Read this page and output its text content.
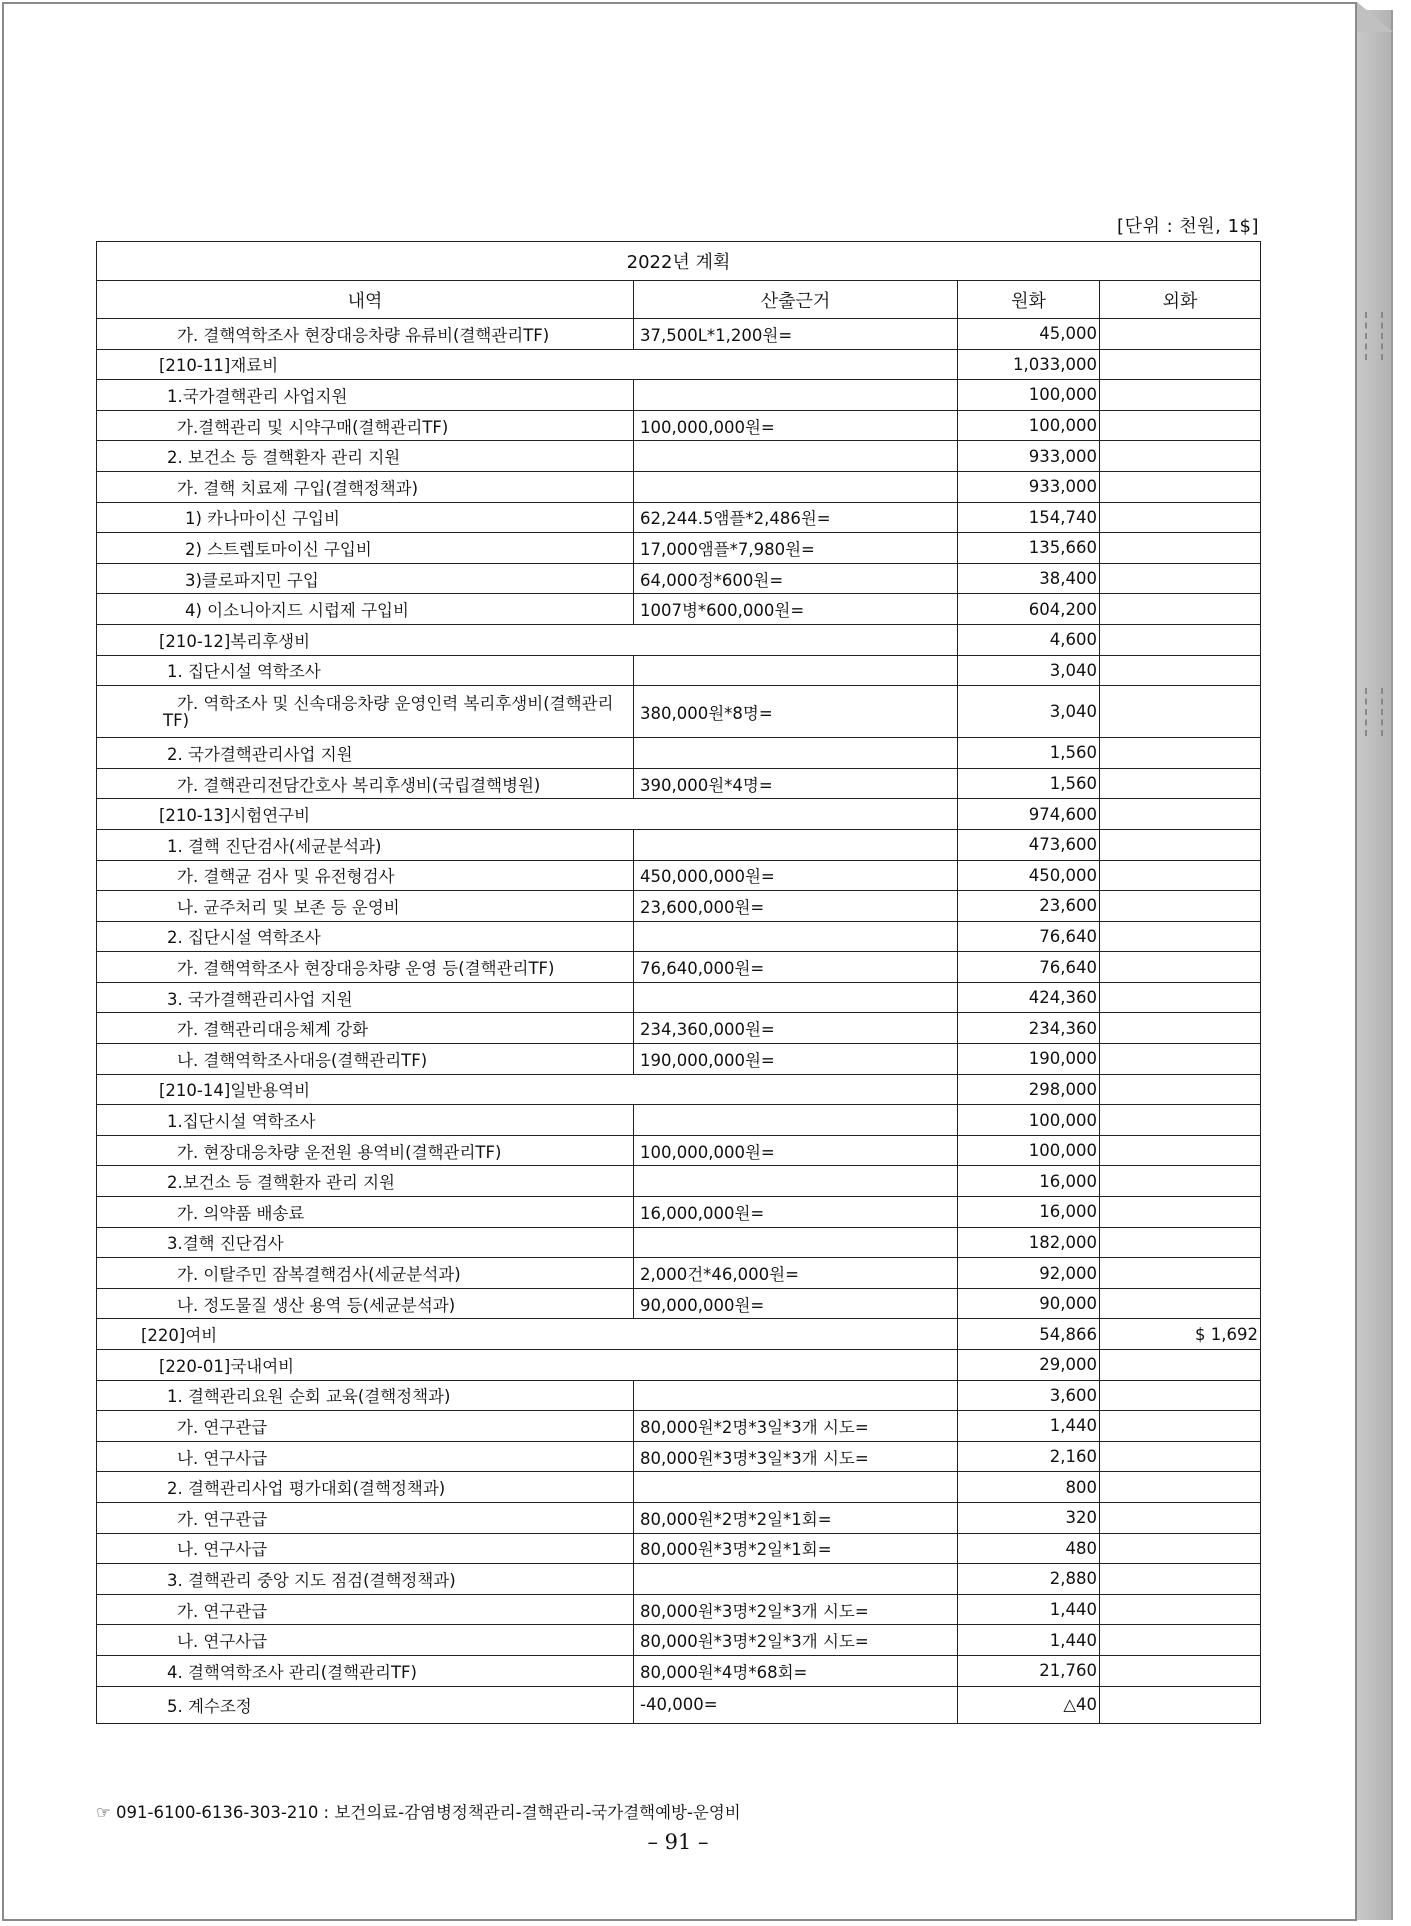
[단위 : 천원, 1$]
2022년 계획			
내역	산출근거	원화	외화
가. 결핵역학조사 현장대응차량 유류비(결핵관리TF)	37,500L*1,200원=	45,000	
[210-11]재료비		1,033,000	
1.국가결핵관리 사업지원		100,000	
가.결핵관리 및 시약구매(결핵관리TF)	100,000,000원=	100,000	
2. 보건소 등 결핵환자 관리 지원		933,000	
가. 결핵 치료제 구입(결핵정책과)		933,000	
1) 카나마이신 구입비	62,244.5앰플*2,486원=	154,740	
2) 스트렙토마이신 구입비	17,000앰플*7,980원=	135,660	
3)클로파지민 구입	64,000정*600원=	38,400	
4) 이소니아지드 시럽제 구입비	1007병*600,000원=	604,200	
[210-12]복리후생비		4,600	
1. 집단시설 역학조사		3,040	
가. 역학조사 및 신속대응차량 운영인력 복리후생비(결핵관리TF)	380,000원*8명=	3,040	
2. 국가결핵관리사업 지원		1,560	
가. 결핵관리전담간호사 복리후생비(국립결핵병원)	390,000원*4명=	1,560	
[210-13]시험연구비		974,600	
1. 결핵 진단검사(세균분석과)		473,600	
가. 결핵균 검사 및 유전형검사	450,000,000원=	450,000	
나. 균주처리 및 보존 등 운영비	23,600,000원=	23,600	
2. 집단시설 역학조사		76,640	
가. 결핵역학조사 현장대응차량 운영 등(결핵관리TF)	76,640,000원=	76,640	
3. 국가결핵관리사업 지원		424,360	
가. 결핵관리대응체계 강화	234,360,000원=	234,360	
나. 결핵역학조사대응(결핵관리TF)	190,000,000원=	190,000	
[210-14]일반용역비		298,000	
1.집단시설 역학조사		100,000	
가. 현장대응차량 운전원 용역비(결핵관리TF)	100,000,000원=	100,000	
2.보건소 등 결핵환자 관리 지원		16,000	
가. 의약품 배송료	16,000,000원=	16,000	
3.결핵 진단검사		182,000	
가. 이탈주민 잠복결핵검사(세균분석과)	2,000건*46,000원=	92,000	
나. 정도물질 생산 용역 등(세균분석과)	90,000,000원=	90,000	
[220]여비		54,866	$ 1,692
[220-01]국내여비		29,000	
1. 결핵관리요원 순회 교육(결핵정책과)		3,600	
가. 연구관급	80,000원*2명*3일*3개 시도=	1,440	
나. 연구사급	80,000원*3명*3일*3개 시도=	2,160	
2. 결핵관리사업 평가대회(결핵정책과)		800	
가. 연구관급	80,000원*2명*2일*1회=	320	
나. 연구사급	80,000원*3명*2일*1회=	480	
3. 결핵관리 중앙 지도 점검(결핵정책과)		2,880	
가. 연구관급	80,000원*3명*2일*3개 시도=	1,440	
나. 연구사급	80,000원*3명*2일*3개 시도=	1,440	
4. 결핵역학조사 관리(결핵관리TF)	80,000원*4명*68회=	21,760	
5. 계수조정	-40,000=	△40	
☞ 091-6100-6136-303-210 : 보건의료-감염병정책관리-결핵관리-국가결핵예방-운영비
– 91 –
